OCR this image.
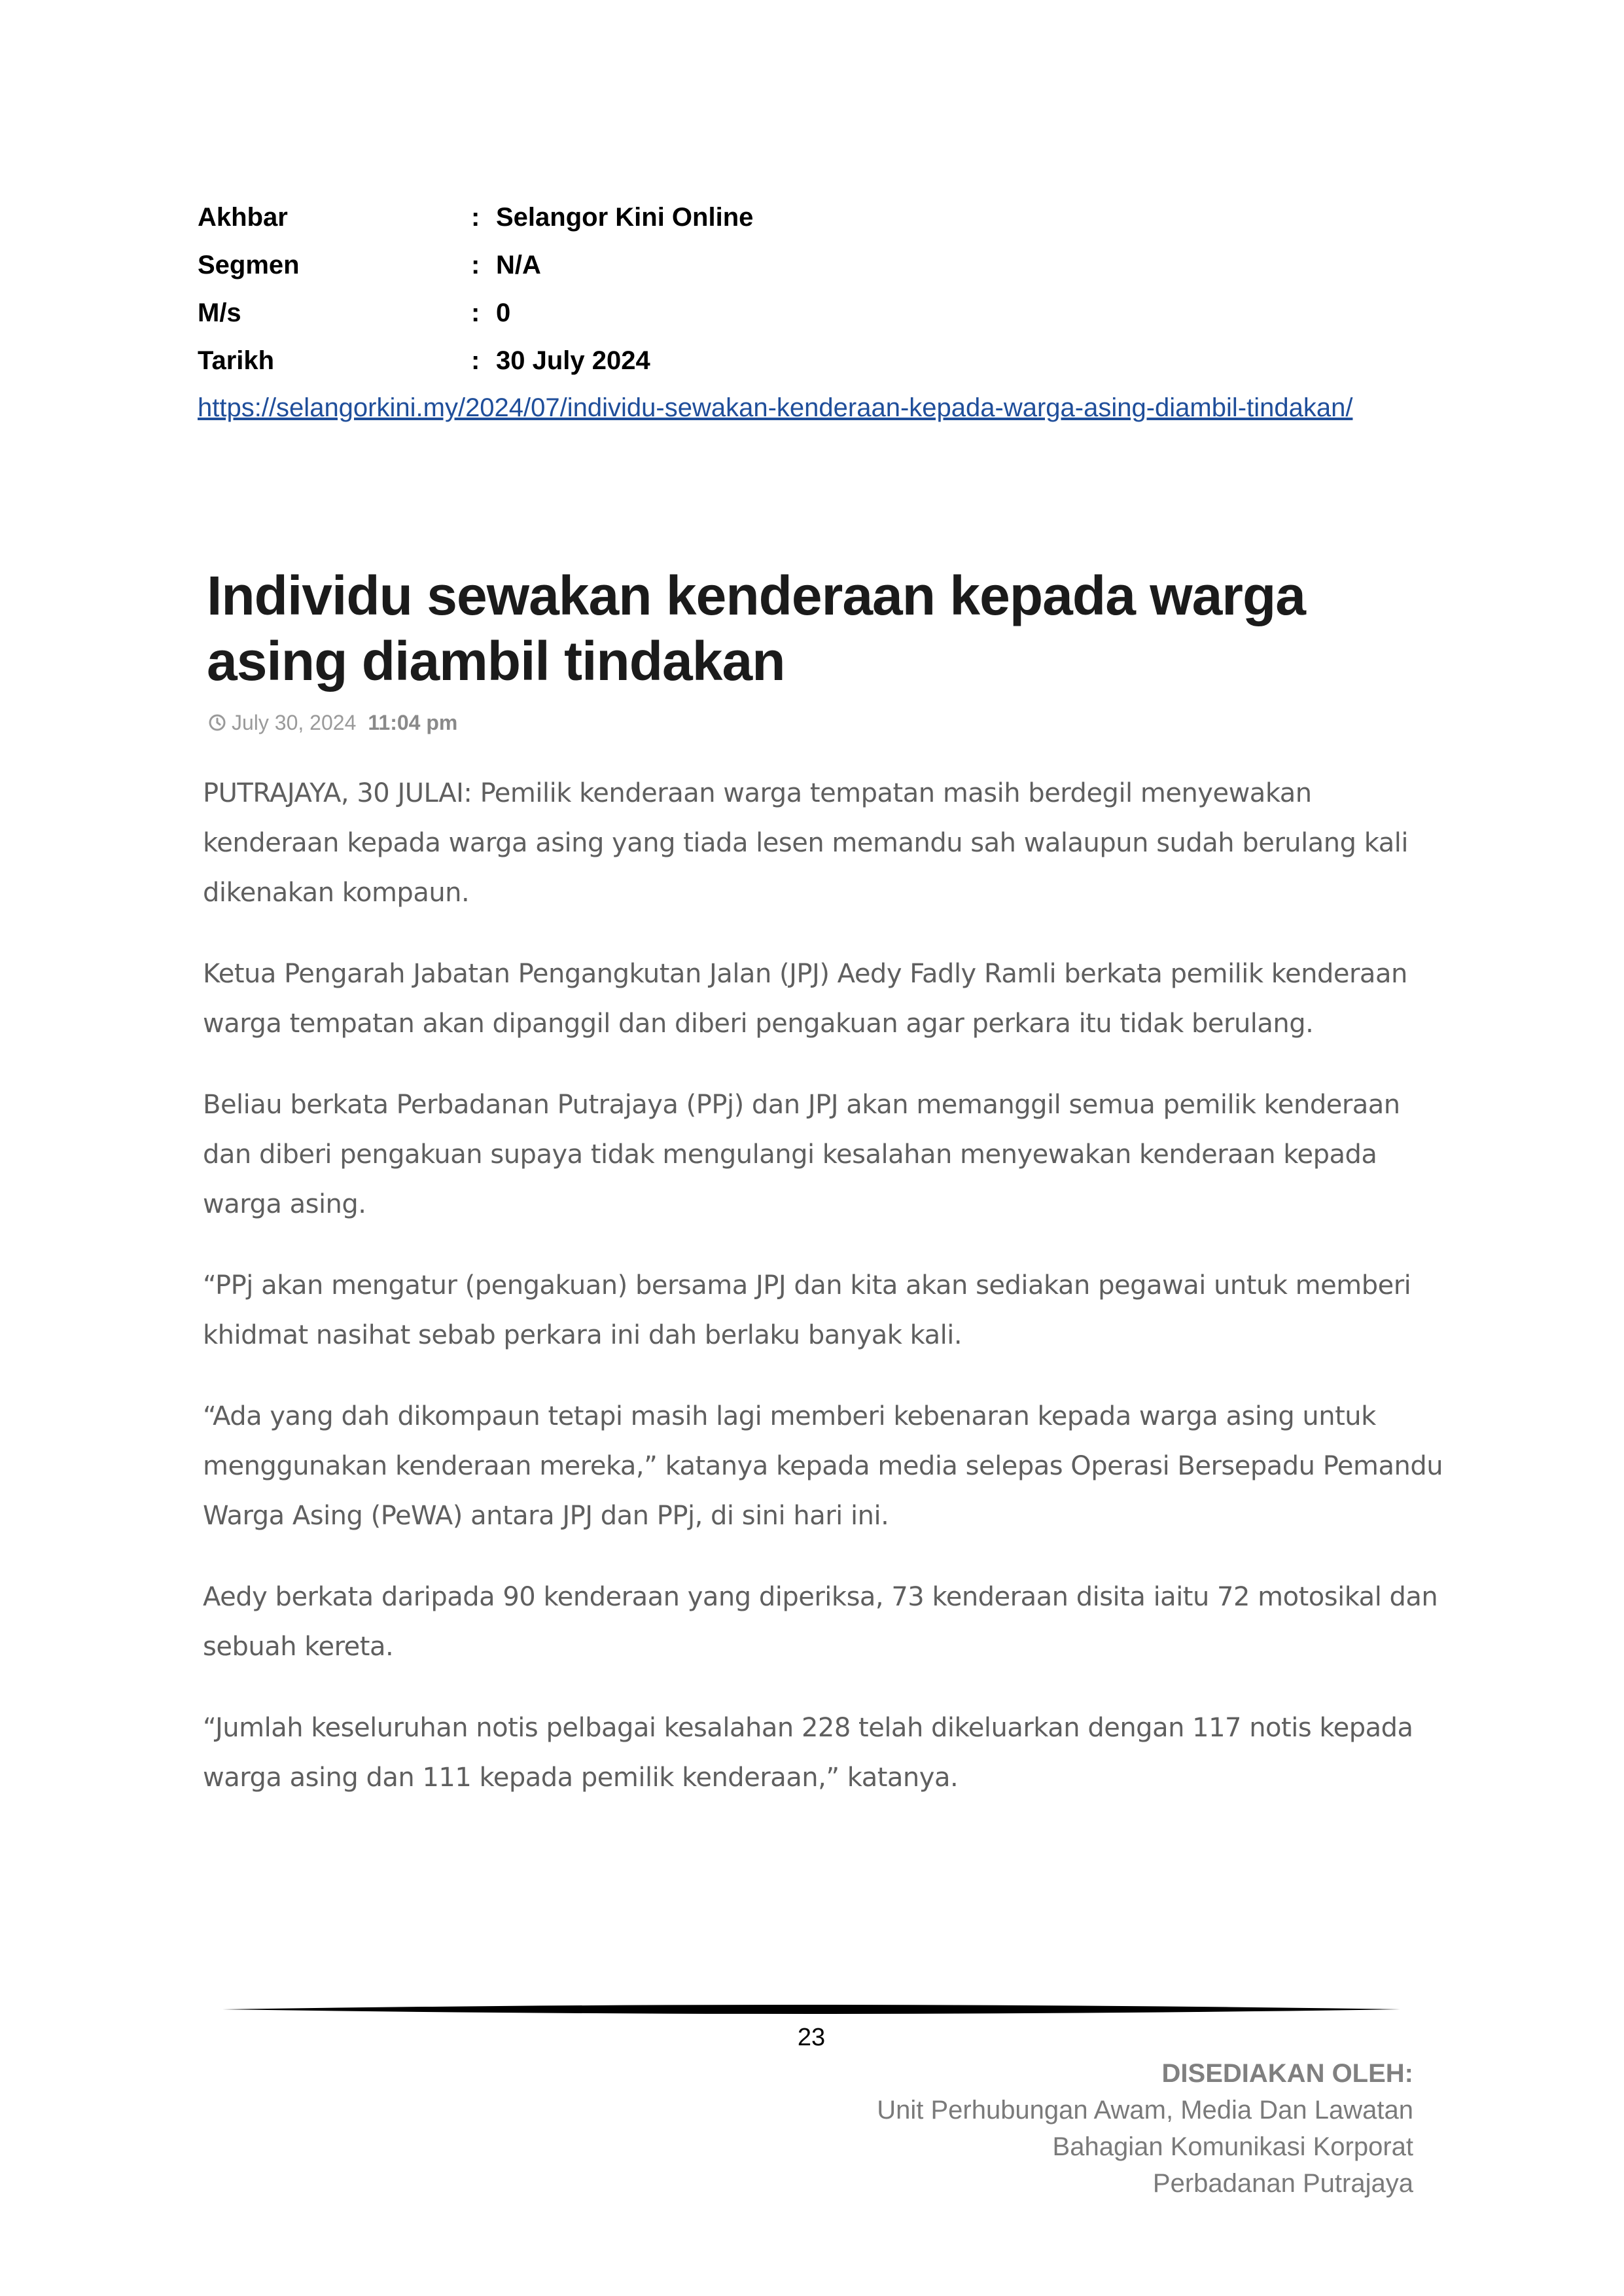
Akhbar	: Selangor Kini Online
Segmen	: N/A
M/s	: 0
Tarikh	: 30 July 2024
https://selangorkini.my/2024/07/individu-sewakan-kenderaan-kepada-warga-asing-diambil-tindakan/
Individu sewakan kenderaan kepada warga asing diambil tindakan
July 30, 2024 11:04 pm

PUTRAJAYA, 30 JULAI: Pemilik kenderaan warga tempatan masih berdegil menyewakan kenderaan kepada warga asing yang tiada lesen memandu sah walaupun sudah berulang kali dikenakan kompaun.

Ketua Pengarah Jabatan Pengangkutan Jalan (JPJ) Aedy Fadly Ramli berkata pemilik kenderaan warga tempatan akan dipanggil dan diberi pengakuan agar perkara itu tidak berulang.

Beliau berkata Perbadanan Putrajaya (PPj) dan JPJ akan memanggil semua pemilik kenderaan dan diberi pengakuan supaya tidak mengulangi kesalahan menyewakan kenderaan kepada warga asing.

“PPj akan mengatur (pengakuan) bersama JPJ dan kita akan sediakan pegawai untuk memberi khidmat nasihat sebab perkara ini dah berlaku banyak kali.

“Ada yang dah dikompaun tetapi masih lagi memberi kebenaran kepada warga asing untuk menggunakan kenderaan mereka,” katanya kepada media selepas Operasi Bersepadu Pemandu Warga Asing (PeWA) antara JPJ dan PPj, di sini hari ini.

Aedy berkata daripada 90 kenderaan yang diperiksa, 73 kenderaan disita iaitu 72 motosikal dan sebuah kereta.

“Jumlah keseluruhan notis pelbagai kesalahan 228 telah dikeluarkan dengan 117 notis kepada warga asing dan 111 kepada pemilik kenderaan,” katanya.

23
DISEDIAKAN OLEH:
Unit Perhubungan Awam, Media Dan Lawatan
Bahagian Komunikasi Korporat
Perbadanan Putrajaya
